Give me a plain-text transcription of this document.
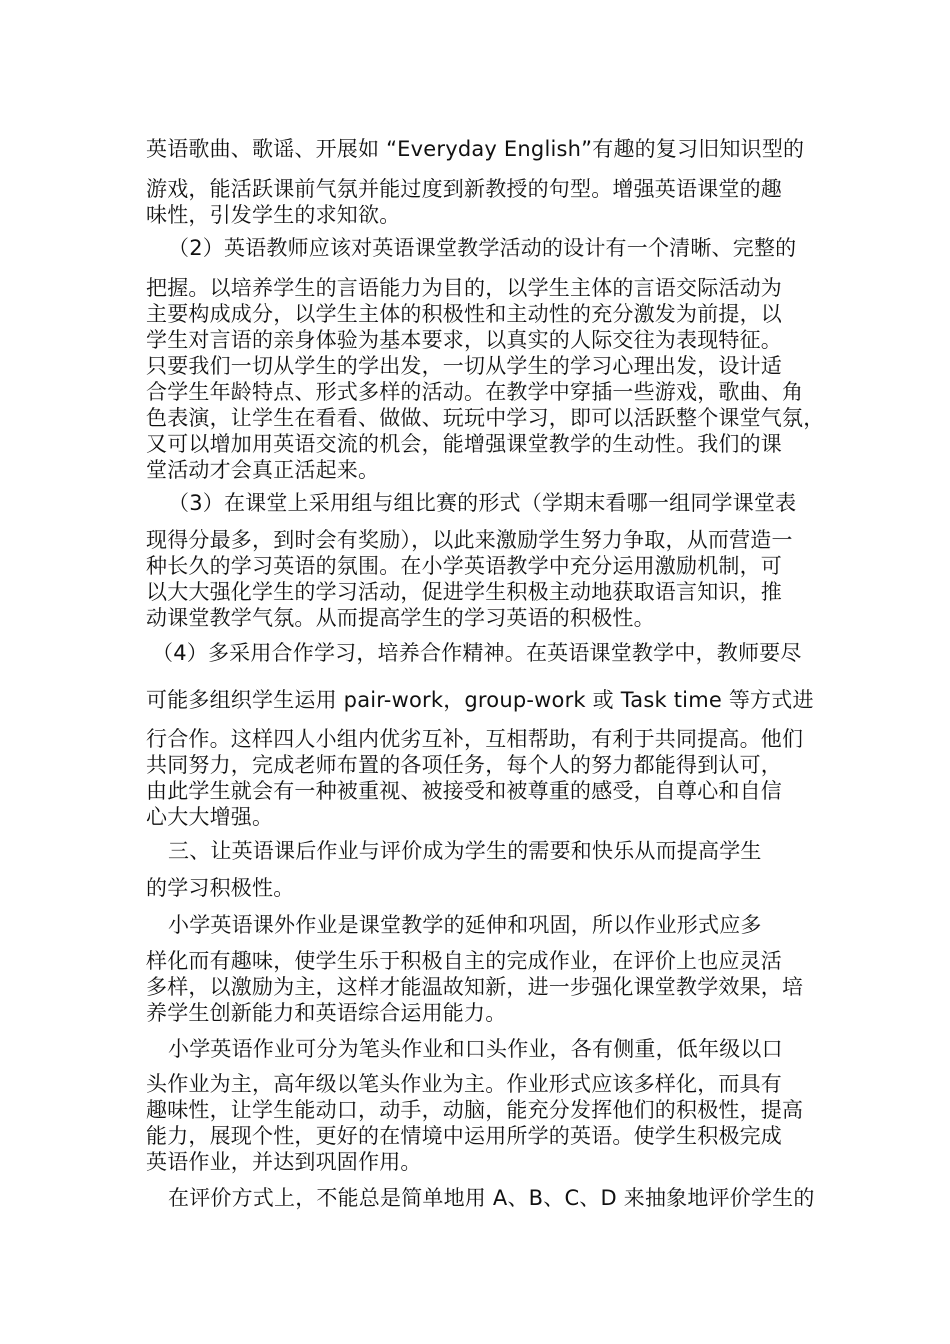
英语歌曲、歌谣、开展如 “Everyday English”有趣的复习旧知识型的
游戏，能活跃课前气氛并能过度到新教授的句型。增强英语课堂的趣
味性，引发学生的求知欲。
（2）英语教师应该对英语课堂教学活动的设计有一个清晰、完整的
把握。以培养学生的言语能力为目的，以学生主体的言语交际活动为
主要构成成分，以学生主体的积极性和主动性的充分激发为前提，以
学生对言语的亲身体验为基本要求，以真实的人际交往为表现特征。
只要我们一切从学生的学出发，一切从学生的学习心理出发，设计适
合学生年龄特点、形式多样的活动。在教学中穿插一些游戏，歌曲、角
色表演，让学生在看看、做做、玩玩中学习，即可以活跃整个课堂气氛，
又可以增加用英语交流的机会，能增强课堂教学的生动性。我们的课
堂活动才会真正活起来。
（3）在课堂上采用组与组比赛的形式（学期末看哪一组同学课堂表
现得分最多，到时会有奖励），以此来激励学生努力争取，从而营造一
种长久的学习英语的氛围。在小学英语教学中充分运用激励机制，可
以大大强化学生的学习活动，促进学生积极主动地获取语言知识，推
动课堂教学气氛。从而提高学生的学习英语的积极性。
（4）多采用合作学习，培养合作精神。在英语课堂教学中，教师要尽
可能多组织学生运用 pair-work，group-work 或 Task time 等方式进
行合作。这样四人小组内优劣互补，互相帮助，有利于共同提高。他们
共同努力，完成老师布置的各项任务，每个人的努力都能得到认可，
由此学生就会有一种被重视、被接受和被尊重的感受，自尊心和自信
心大大增强。
三、让英语课后作业与评价成为学生的需要和快乐从而提高学生
的学习积极性。
小学英语课外作业是课堂教学的延伸和巩固，所以作业形式应多
样化而有趣味，使学生乐于积极自主的完成作业，在评价上也应灵活
多样，以激励为主，这样才能温故知新，进一步强化课堂教学效果，培
养学生创新能力和英语综合运用能力。
小学英语作业可分为笔头作业和口头作业，各有侧重，低年级以口
头作业为主，高年级以笔头作业为主。作业形式应该多样化，而具有
趣味性，让学生能动口，动手，动脑，能充分发挥他们的积极性，提高
能力，展现个性，更好的在情境中运用所学的英语。使学生积极完成
英语作业，并达到巩固作用。
在评价方式上，不能总是简单地用 A、B、C、D 来抽象地评价学生的
